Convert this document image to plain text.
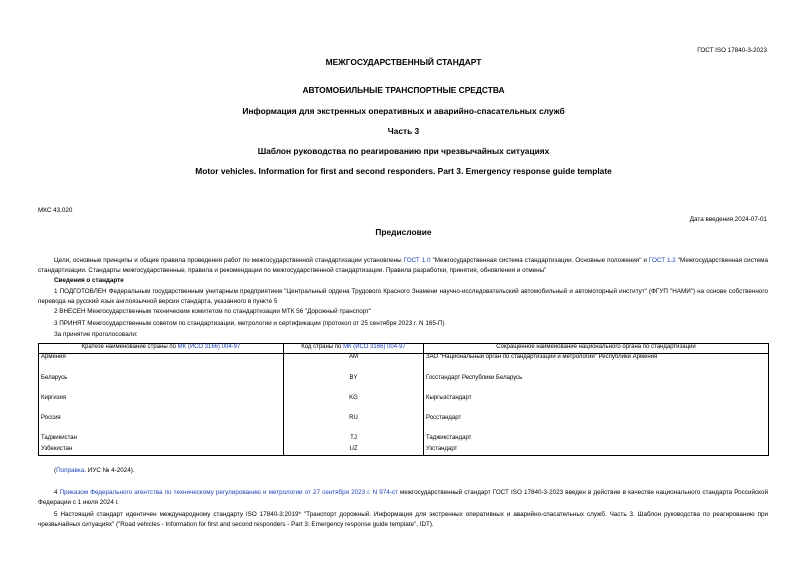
ГОСТ ISO 17840-3-2023
МЕЖГОСУДАРСТВЕННЫЙ СТАНДАРТ
АВТОМОБИЛЬНЫЕ ТРАНСПОРТНЫЕ СРЕДСТВА
Информация для экстренных оперативных и аварийно-спасательных служб
Часть 3
Шаблон руководства по реагированию при чрезвычайных ситуациях
Motor vehicles. Information for first and second responders. Part 3. Emergency response guide template
МКС 43.020
Дата введения 2024-07-01
Предисловие
Цели, основные принципы и общие правила проведения работ по межгосударственной стандартизации установлены ГОСТ 1.0 "Межгосударственная система стандартизации. Основные положения" и ГОСТ 1.2 "Межгосударственная система стандартизации. Стандарты межгосударственные, правила и рекомендации по межгосударственной стандартизации. Правила разработки, принятия, обновления и отмены"
Сведения о стандарте
1 ПОДГОТОВЛЕН Федеральным государственным унитарным предприятием "Центральный ордена Трудового Красного Знамени научно-исследовательский автомобильный и автомоторный институт" (ФГУП "НАМИ") на основе собственного перевода на русский язык англоязычной версии стандарта, указанного в пункте 5
2 ВНЕСЕН Межгосударственным техническим комитетом по стандартизации МТК 56 "Дорожный транспорт"
3 ПРИНЯТ Межгосударственным советом по стандартизации, метрологии и сертификации (протокол от 25 сентября 2023 г. N 165-П)
За принятие проголосовали:
Краткое наименование страны по МК (ИСО 3166) 004-97	Код страны по МК (ИСО 3166) 004-97	Сокращенное наименование национального органа по стандартизации
Армения	AM	ЗАО "Национальный орган по стандартизации и метрологии" Республики Армения
Беларусь	BY	Госстандарт Республики Беларусь
Киргизия	KG	Кыргызстандарт
Россия	RU	Росстандарт
Таджикистан	TJ	Таджикстандарт
Узбекистан	UZ	Узстандарт
(Поправка. ИУС № 4-2024).
4 Приказом Федерального агентства по техническому регулированию и метрологии от 27 сентября 2023 г. N 974-ст межгосударственный стандарт ГОСТ ISO 17840-3-2023 введен в действие в качестве национального стандарта Российской Федерации с 1 июля 2024 г.
5 Настоящий стандарт идентичен международному стандарту ISO 17840-3:2019* "Транспорт дорожный. Информация для экстренных оперативных и аварийно-спасательных служб. Часть 3. Шаблон руководства по реагированию при чрезвычайных ситуациях" ("Road vehicles - Information for first and second responders - Part 3: Emergency response guide template", IDT).
